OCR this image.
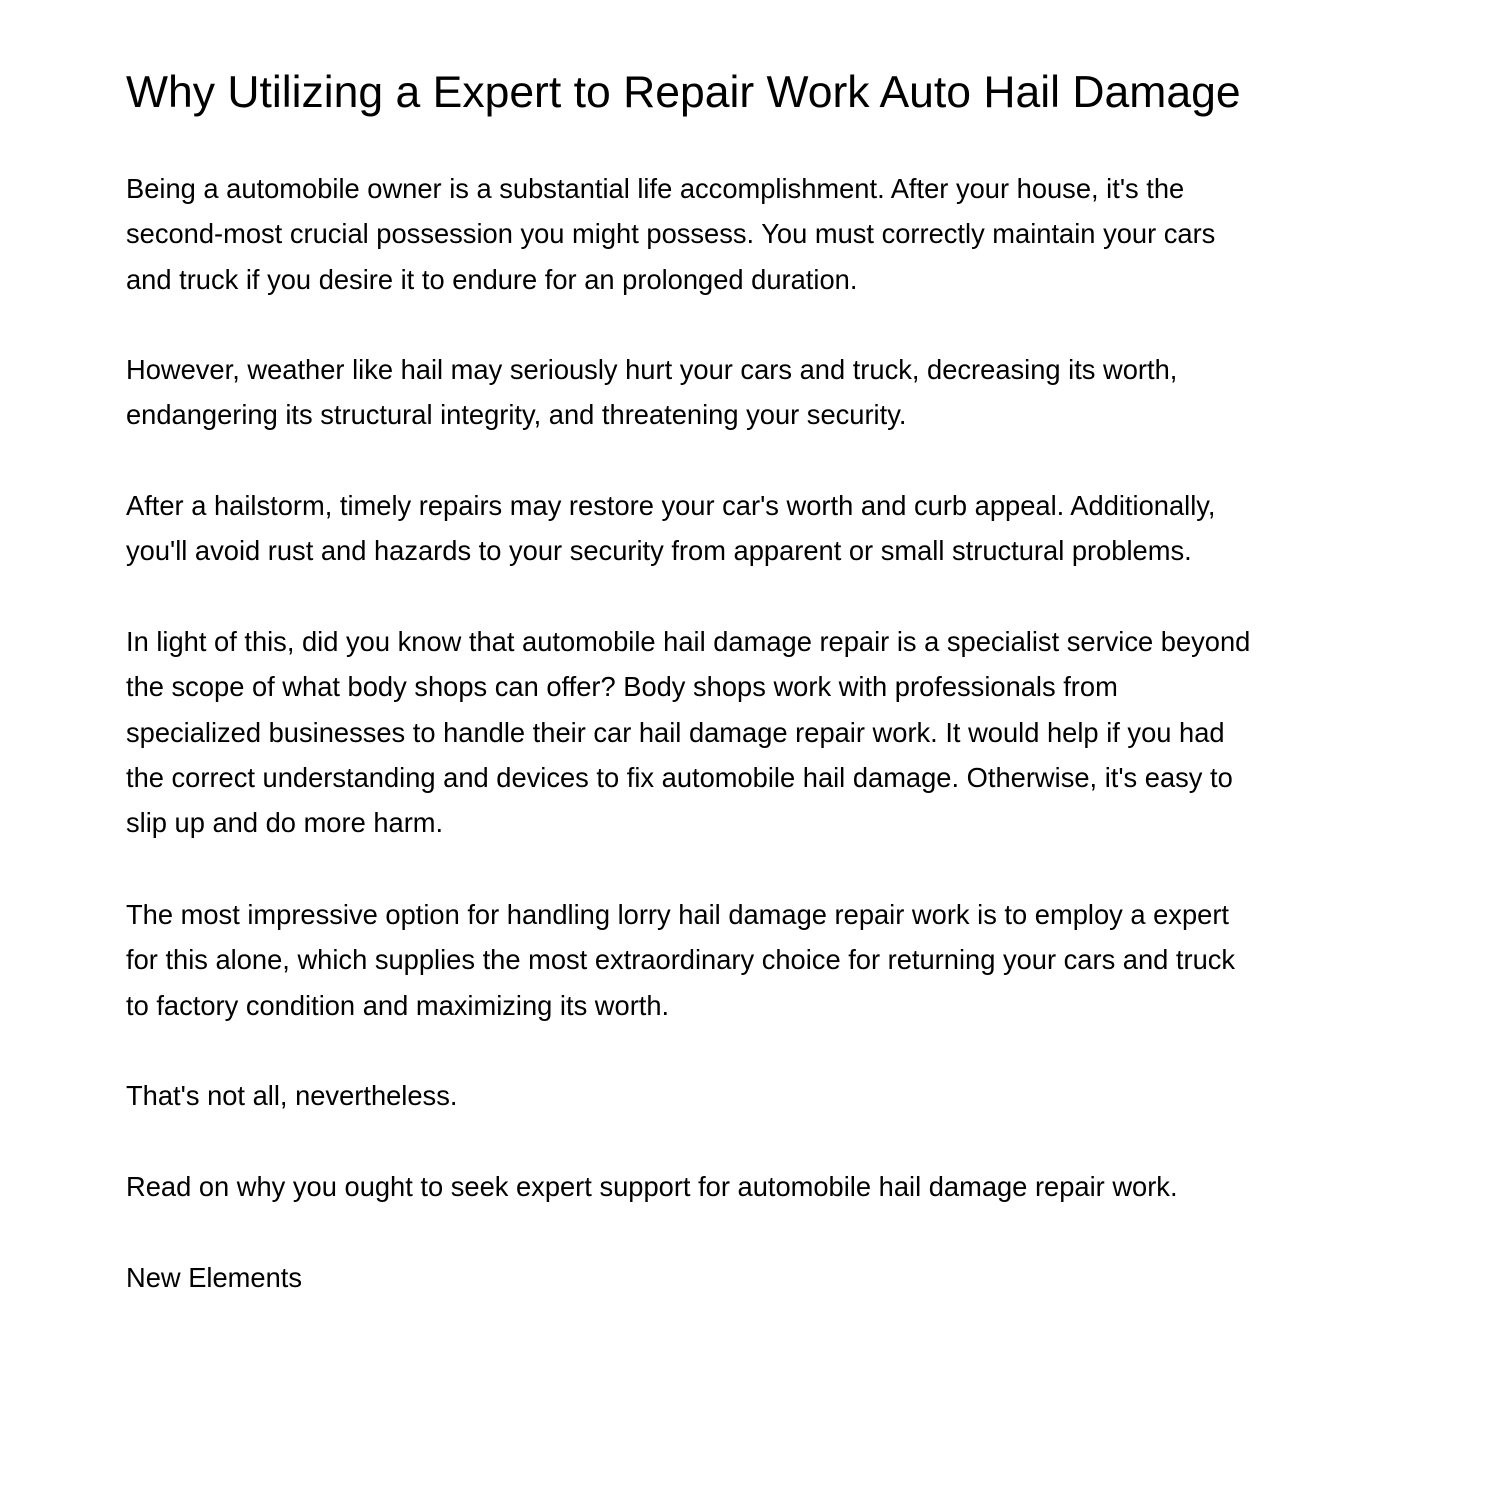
Why Utilizing a Expert to Repair Work Auto Hail Damage

Being a automobile owner is a substantial life accomplishment. After your house, it's the
second-most crucial possession you might possess. You must correctly maintain your cars
and truck if you desire it to endure for an prolonged duration.

However, weather like hail may seriously hurt your cars and truck, decreasing its worth,
endangering its structural integrity, and threatening your security.

After a hailstorm, timely repairs may restore your car's worth and curb appeal. Additionally,
you'll avoid rust and hazards to your security from apparent or small structural problems.

In light of this, did you know that automobile hail damage repair is a specialist service beyond
the scope of what body shops can offer? Body shops work with professionals from
specialized businesses to handle their car hail damage repair work. It would help if you had
the correct understanding and devices to fix automobile hail damage. Otherwise, it's easy to
slip up and do more harm.

The most impressive option for handling lorry hail damage repair work is to employ a expert
for this alone, which supplies the most extraordinary choice for returning your cars and truck
to factory condition and maximizing its worth.

That's not all, nevertheless.

Read on why you ought to seek expert support for automobile hail damage repair work.

New Elements
